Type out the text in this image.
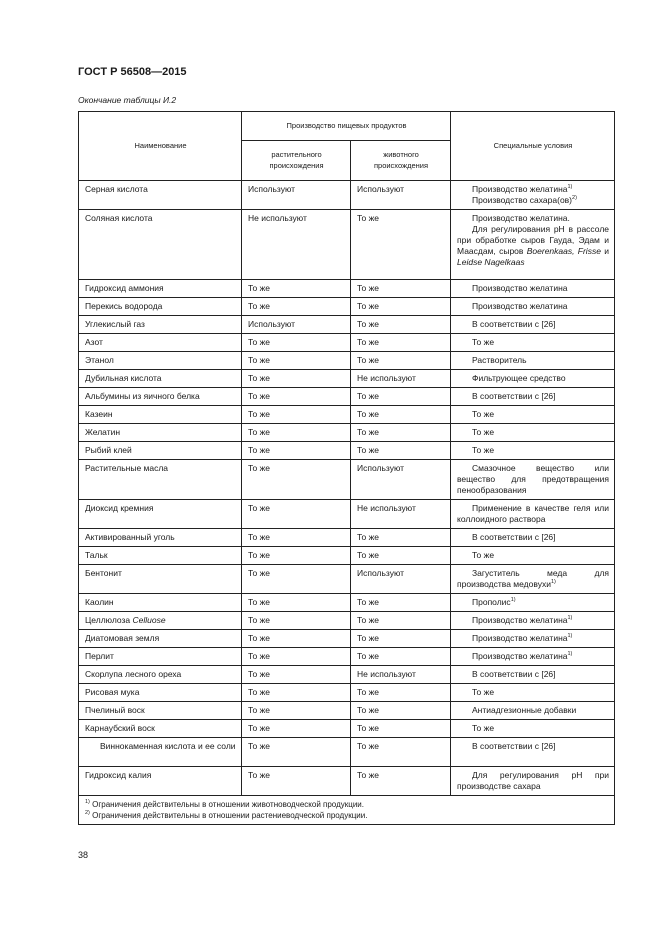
ГОСТ Р 56508—2015
Окончание таблицы И.2
Наименование	Производство пищевых продуктов		Специальные условия
	растительного происхождения	животного происхождения	
Серная кислота	Используют	Используют	Производство желатина$^{1)}$
Производство сахара(ов)$^{2)}$

Соляная кислота	Не используют	То же	Производство желатина.
Для регулирования pH в рассоле при обработке сыров Гауда, Эдам и Маасдам, сыров Boerenkaas, Frisse и Leidse Nagelkaas

Гидроксид аммония	То же	То же	Производство желатина
Перекись водорода	То же	То же	Производство желатина
Углекислый газ	Используют	То же	В соответствии с [26]
Азот	То же	То же	То же
Этанол	То же	То же	Растворитель
Дубильная кислота	То же	Не используют	Фильтрующее средство
Альбумины из яичного белка	То же	То же	В соответствии с [26]
Казеин	То же	То же	То же
Желатин	То же	То же	То же
Рыбий клей	То же	То же	То же
Растительные масла	То же	Используют	Смазочное вещество или вещество для предотвращения пенообразования
Диоксид кремния	То же	Не используют	Применение в качестве геля или коллоидного раствора
Активированный уголь	То же	То же	В соответствии с [26]
Тальк	То же	То же	То же
Бентонит	То же	Используют	Загуститель меда для производства медовухи$^{1)}$
Каолин	То же	То же	Прополис$^{1)}$
Целлюлоза Celluose	То же	То же	Производство желатина$^{1)}$
Диатомовая земля	То же	То же	Производство желатина$^{1)}$
Перлит	То же	То же	Производство желатина$^{1)}$
Скорлупа лесного ореха	То же	Не используют	В соответствии с [26]
Рисовая мука	То же	То же	То же
Пчелиный воск	То же	То же	Антиадгезионные добавки
Карнаубский воск	То же	То же	То же
Виннокаменная кислота и ее соли	То же	То же	В соответствии с [26]
Гидроксид калия	То же	То же	Для регулирования pH при производстве сахара

$^{1)}$ Ограничения действительны в отношении животноводческой продукции.
$^{2)}$ Ограничения действительны в отношении растениеводческой продукции.			
38
